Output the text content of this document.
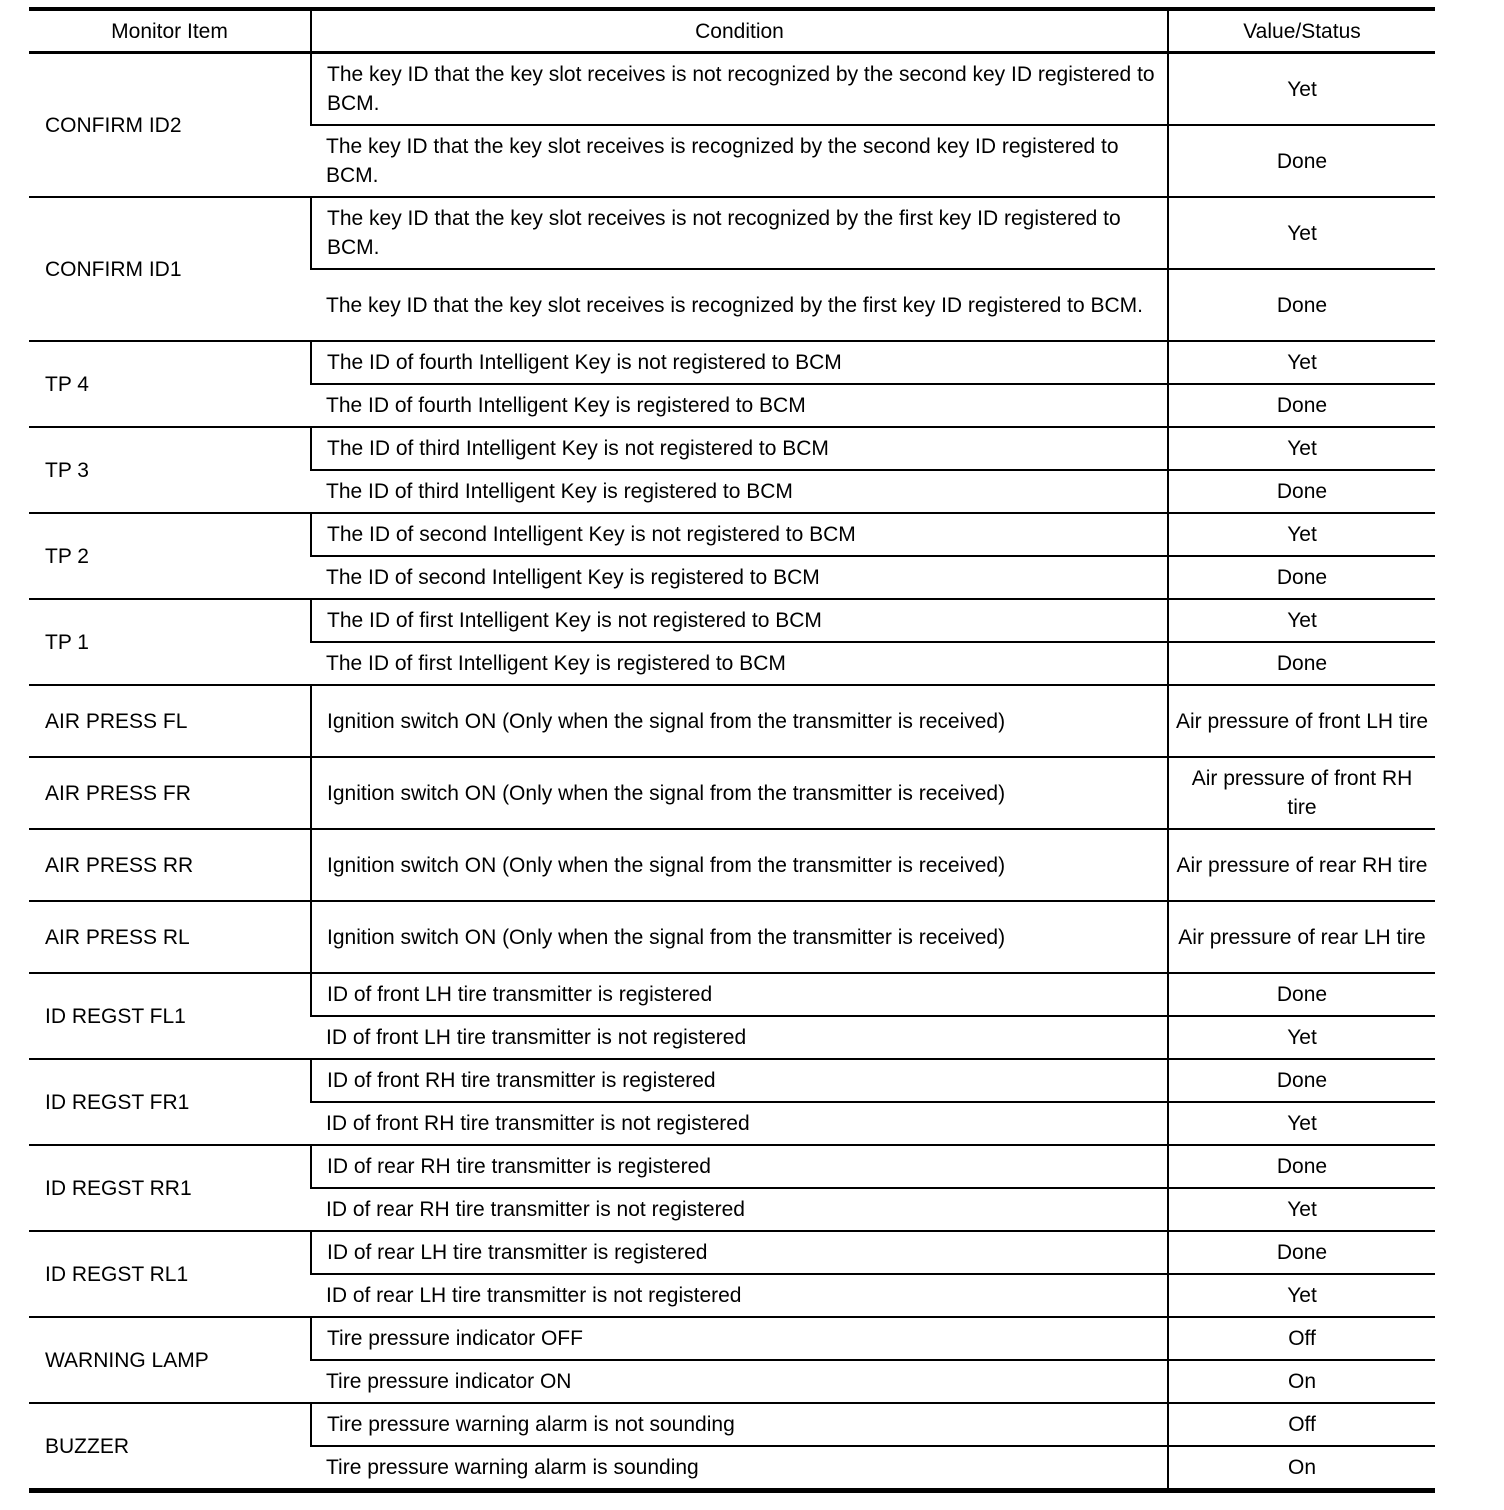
Monitor Item	Condition	Value/Status
CONFIRM ID2	The key ID that the key slot receives is not recognized by the second key ID registered to BCM.	Yet
	The key ID that the key slot receives is recognized by the second key ID registered to BCM.	Done
CONFIRM ID1	The key ID that the key slot receives is not recognized by the first key ID registered to BCM.	Yet
	The key ID that the key slot receives is recognized by the first key ID registered to BCM.	Done
TP 4	The ID of fourth Intelligent Key is not registered to BCM	Yet
	The ID of fourth Intelligent Key is registered to BCM	Done
TP 3	The ID of third Intelligent Key is not registered to BCM	Yet
	The ID of third Intelligent Key is registered to BCM	Done
TP 2	The ID of second Intelligent Key is not registered to BCM	Yet
	The ID of second Intelligent Key is registered to BCM	Done
TP 1	The ID of first Intelligent Key is not registered to BCM	Yet
	The ID of first Intelligent Key is registered to BCM	Done
AIR PRESS FL	Ignition switch ON (Only when the signal from the transmitter is received)	Air pressure of front LH tire
AIR PRESS FR	Ignition switch ON (Only when the signal from the transmitter is received)	Air pressure of front RH tire
AIR PRESS RR	Ignition switch ON (Only when the signal from the transmitter is received)	Air pressure of rear RH tire
AIR PRESS RL	Ignition switch ON (Only when the signal from the transmitter is received)	Air pressure of rear LH tire
ID REGST FL1	ID of front LH tire transmitter is registered	Done
	ID of front LH tire transmitter is not registered	Yet
ID REGST FR1	ID of front RH tire transmitter is registered	Done
	ID of front RH tire transmitter is not registered	Yet
ID REGST RR1	ID of rear RH tire transmitter is registered	Done
	ID of rear RH tire transmitter is not registered	Yet
ID REGST RL1	ID of rear LH tire transmitter is registered	Done
	ID of rear LH tire transmitter is not registered	Yet
WARNING LAMP	Tire pressure indicator OFF	Off
	Tire pressure indicator ON	On
BUZZER	Tire pressure warning alarm is not sounding	Off
	Tire pressure warning alarm is sounding	On
